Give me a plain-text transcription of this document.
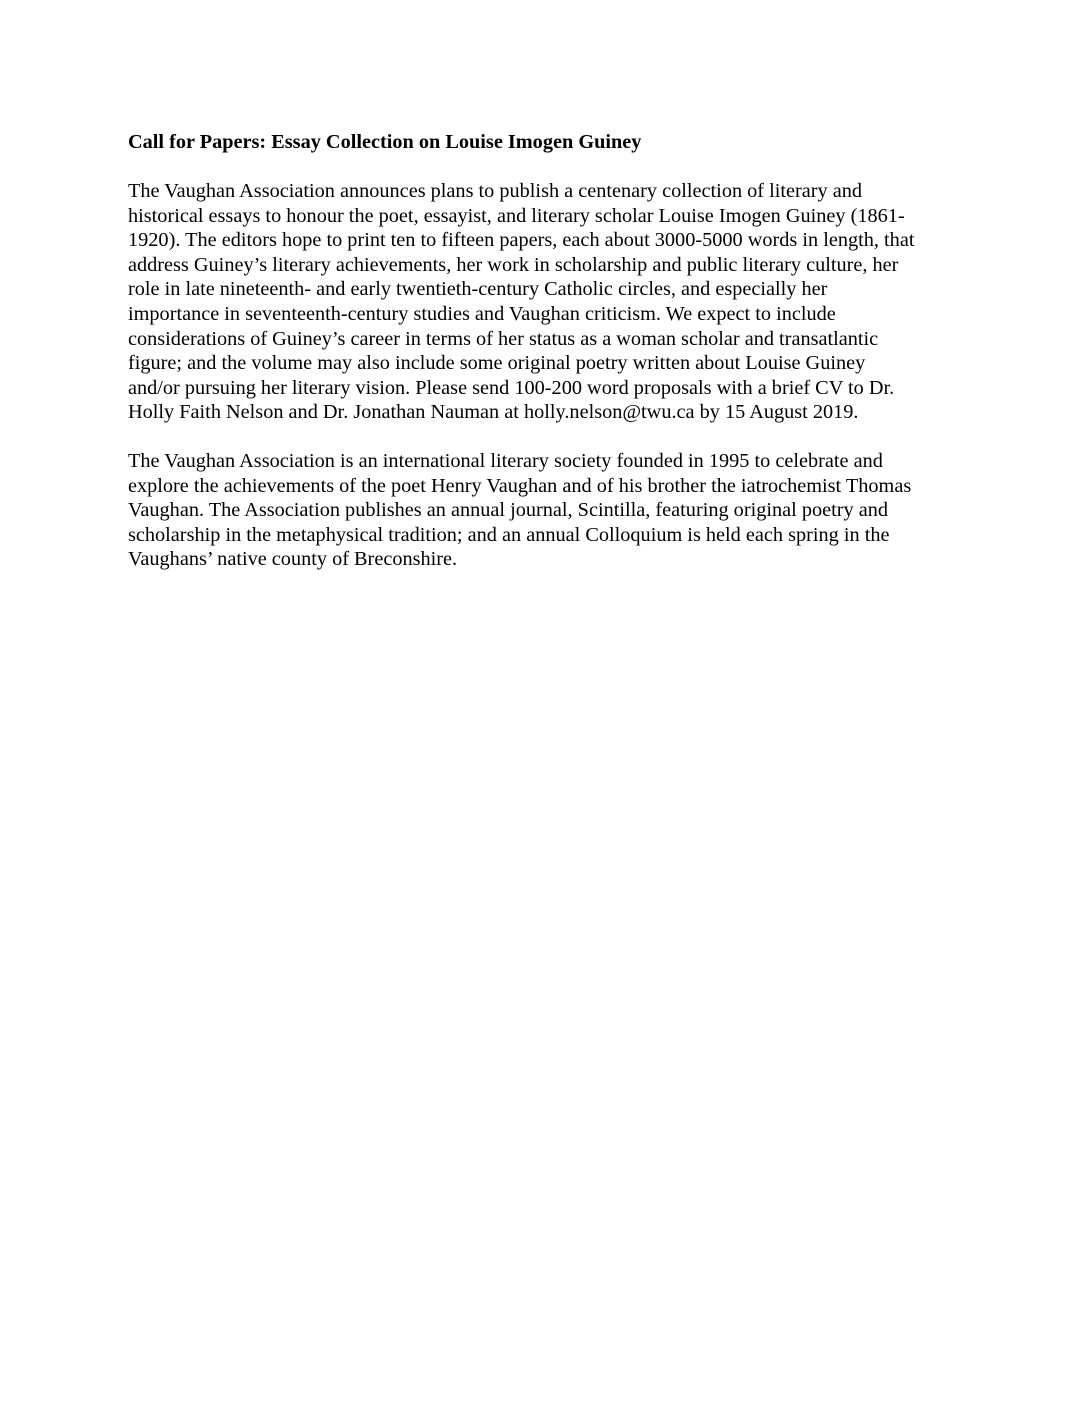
Call for Papers: Essay Collection on Louise Imogen Guiney

The Vaughan Association announces plans to publish a centenary collection of literary and
historical essays to honour the poet, essayist, and literary scholar Louise Imogen Guiney (1861-
1920). The editors hope to print ten to fifteen papers, each about 3000-5000 words in length, that
address Guiney’s literary achievements, her work in scholarship and public literary culture, her
role in late nineteenth- and early twentieth-century Catholic circles, and especially her
importance in seventeenth-century studies and Vaughan criticism. We expect to include
considerations of Guiney’s career in terms of her status as a woman scholar and transatlantic
figure; and the volume may also include some original poetry written about Louise Guiney
and/or pursuing her literary vision. Please send 100-200 word proposals with a brief CV to Dr.
Holly Faith Nelson and Dr. Jonathan Nauman at holly.nelson@twu.ca by 15 August 2019.

The Vaughan Association is an international literary society founded in 1995 to celebrate and
explore the achievements of the poet Henry Vaughan and of his brother the iatrochemist Thomas
Vaughan. The Association publishes an annual journal, Scintilla, featuring original poetry and
scholarship in the metaphysical tradition; and an annual Colloquium is held each spring in the
Vaughans’ native county of Breconshire.
